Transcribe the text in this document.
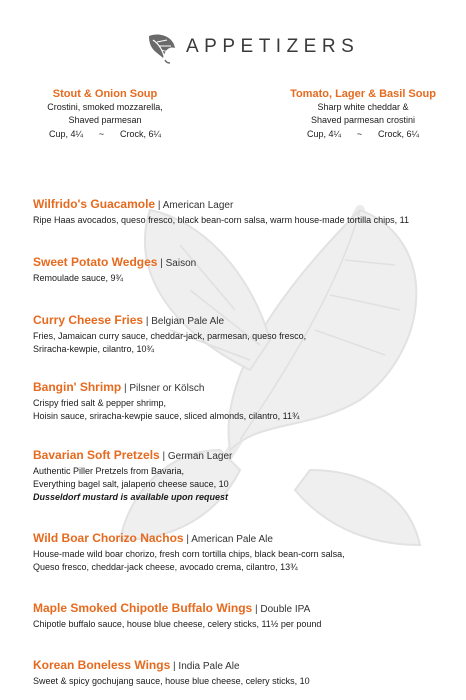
APPETIZERS
Stout & Onion Soup
Crostini, smoked mozzarella,
Shaved parmesan
Cup, 4¼ ~ Crock, 6¼
Tomato, Lager & Basil Soup
Sharp white cheddar &
Shaved parmesan crostini
Cup, 4¼ ~ Crock, 6¼
Wilfrido's Guacamole | American Lager
Ripe Haas avocados, queso fresco, black bean-corn salsa, warm house-made tortilla chips, 11
Sweet Potato Wedges | Saison
Remoulade sauce, 9¾
Curry Cheese Fries | Belgian Pale Ale
Fries, Jamaican curry sauce, cheddar-jack, parmesan, queso fresco,
Sriracha-kewpie, cilantro, 10¾
Bangin' Shrimp | Pilsner or Kölsch
Crispy fried salt & pepper shrimp,
Hoisin sauce, sriracha-kewpie sauce, sliced almonds, cilantro, 11¾
Bavarian Soft Pretzels | German Lager
Authentic Piller Pretzels from Bavaria,
Everything bagel salt, jalapeno cheese sauce, 10
Dusseldorf mustard is available upon request
Wild Boar Chorizo Nachos | American Pale Ale
House-made wild boar chorizo, fresh corn tortilla chips, black bean-corn salsa,
Queso fresco, cheddar-jack cheese, avocado crema, cilantro, 13¾
Maple Smoked Chipotle Buffalo Wings | Double IPA
Chipotle buffalo sauce, house blue cheese, celery sticks, 11½ per pound
Korean Boneless Wings | India Pale Ale
Sweet & spicy gochujang sauce, house blue cheese, celery sticks, 10
